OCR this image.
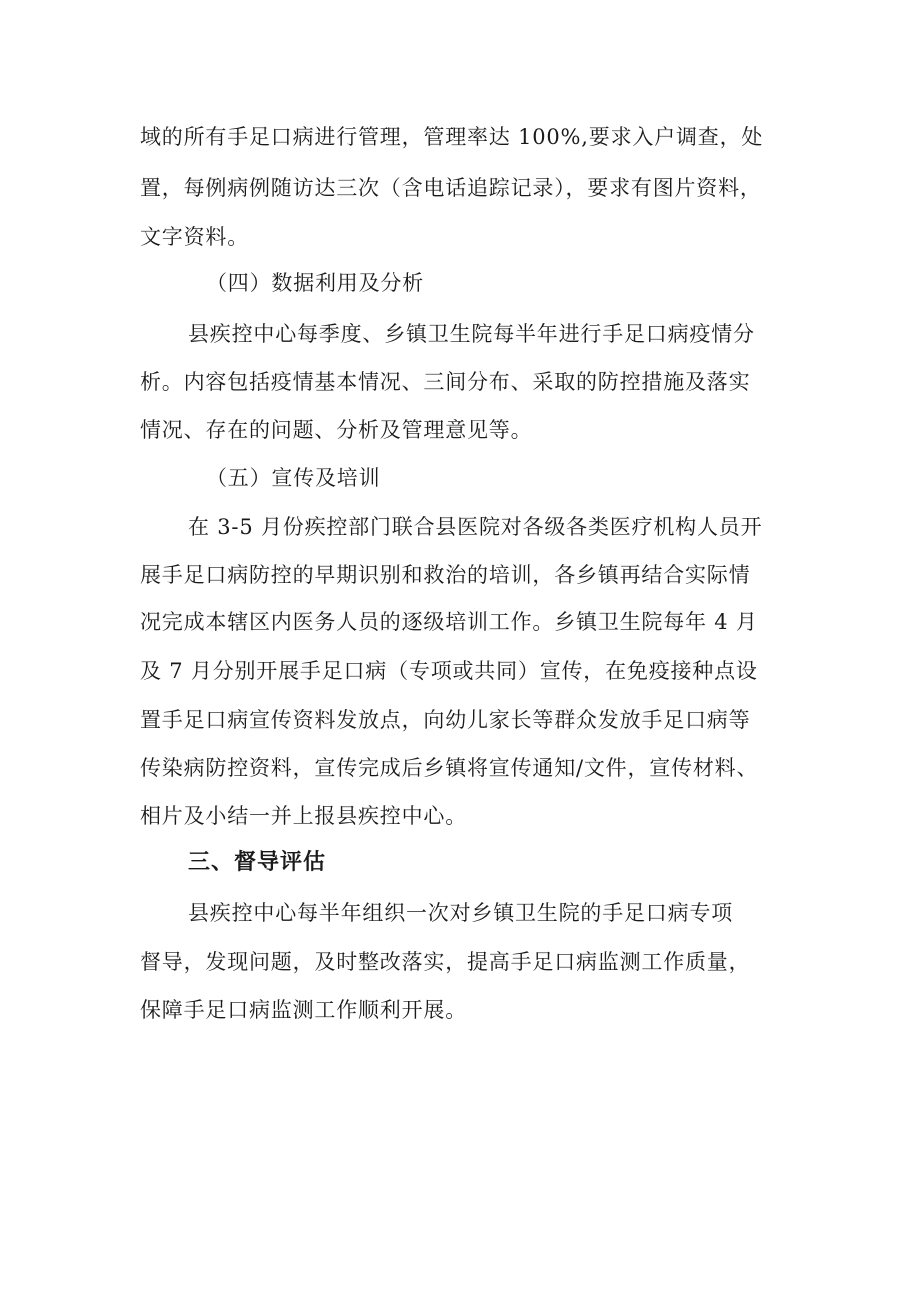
域的所有手足口病进行管理，管理率达 100%,要求入户调查，处

置，每例病例随访达三次（含电话追踪记录），要求有图片资料，

文字资料。

（四）数据利用及分析

县疾控中心每季度、乡镇卫生院每半年进行手足口病疫情分

析。内容包括疫情基本情况、三间分布、采取的防控措施及落实

情况、存在的问题、分析及管理意见等。

（五）宣传及培训

在 3-5 月份疾控部门联合县医院对各级各类医疗机构人员开

展手足口病防控的早期识别和救治的培训，各乡镇再结合实际情

况完成本辖区内医务人员的逐级培训工作。乡镇卫生院每年 4 月

及 7 月分别开展手足口病（专项或共同）宣传，在免疫接种点设

置手足口病宣传资料发放点，向幼儿家长等群众发放手足口病等

传染病防控资料，宣传完成后乡镇将宣传通知/文件，宣传材料、

相片及小结一并上报县疾控中心。

三、督导评估

县疾控中心每半年组织一次对乡镇卫生院的手足口病专项

督导，发现问题，及时整改落实，提高手足口病监测工作质量，

保障手足口病监测工作顺利开展。
